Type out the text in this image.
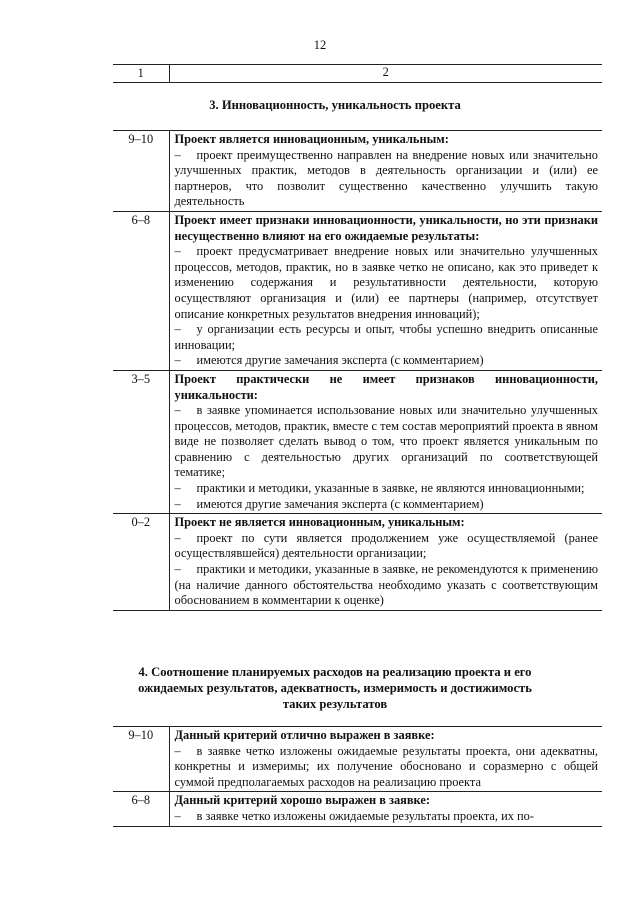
12
1	2
3. Инновационность, уникальность проекта
9–10	Проект является инновационным, уникальным:
– проект преимущественно направлен на внедрение новых или значительно улучшенных практик, методов в деятельность организации и (или) ее партнеров, что позволит существенно качественно улучшить такую деятельность

6–8	Проект имеет признаки инновационности, уникальности, но эти признаки несущественно влияют на его ожидаемые результаты:
– проект предусматривает внедрение новых или значительно улучшенных процессов, методов, практик, но в заявке четко не описано, как это приведет к изменению содержания и результативности деятельности, которую осуществляют организация и (или) ее партнеры (например, отсутствует описание конкретных результатов внедрения инноваций);
– у организации есть ресурсы и опыт, чтобы успешно внедрить описанные инновации;
– имеются другие замечания эксперта (с комментарием)

3–5	Проект практически не имеет признаков инновационности, уникальности:
– в заявке упоминается использование новых или значительно улучшенных процессов, методов, практик, вместе с тем состав мероприятий проекта в явном виде не позволяет сделать вывод о том, что проект является уникальным по сравнению с деятельностью других организаций по соответствующей тематике;
– практики и методики, указанные в заявке, не являются инновационными;
– имеются другие замечания эксперта (с комментарием)

0–2	Проект не является инновационным, уникальным:
– проект по сути является продолжением уже осуществляемой (ранее осуществлявшейся) деятельности организации;
– практики и методики, указанные в заявке, не рекомендуются к применению (на наличие данного обстоятельства необходимо указать с соответствующим обоснованием в комментарии к оценке)
4. Соотношение планируемых расходов на реализацию проекта и его
ожидаемых результатов, адекватность, измеримость и достижимость
таких результатов
9–10	Данный критерий отлично выражен в заявке:
– в заявке четко изложены ожидаемые результаты проекта, они адекватны, конкретны и измеримы; их получение обосновано и соразмерно с общей суммой предполагаемых расходов на реализацию проекта

6–8	Данный критерий хорошо выражен в заявке:
– в заявке четко изложены ожидаемые результаты проекта, их по-
